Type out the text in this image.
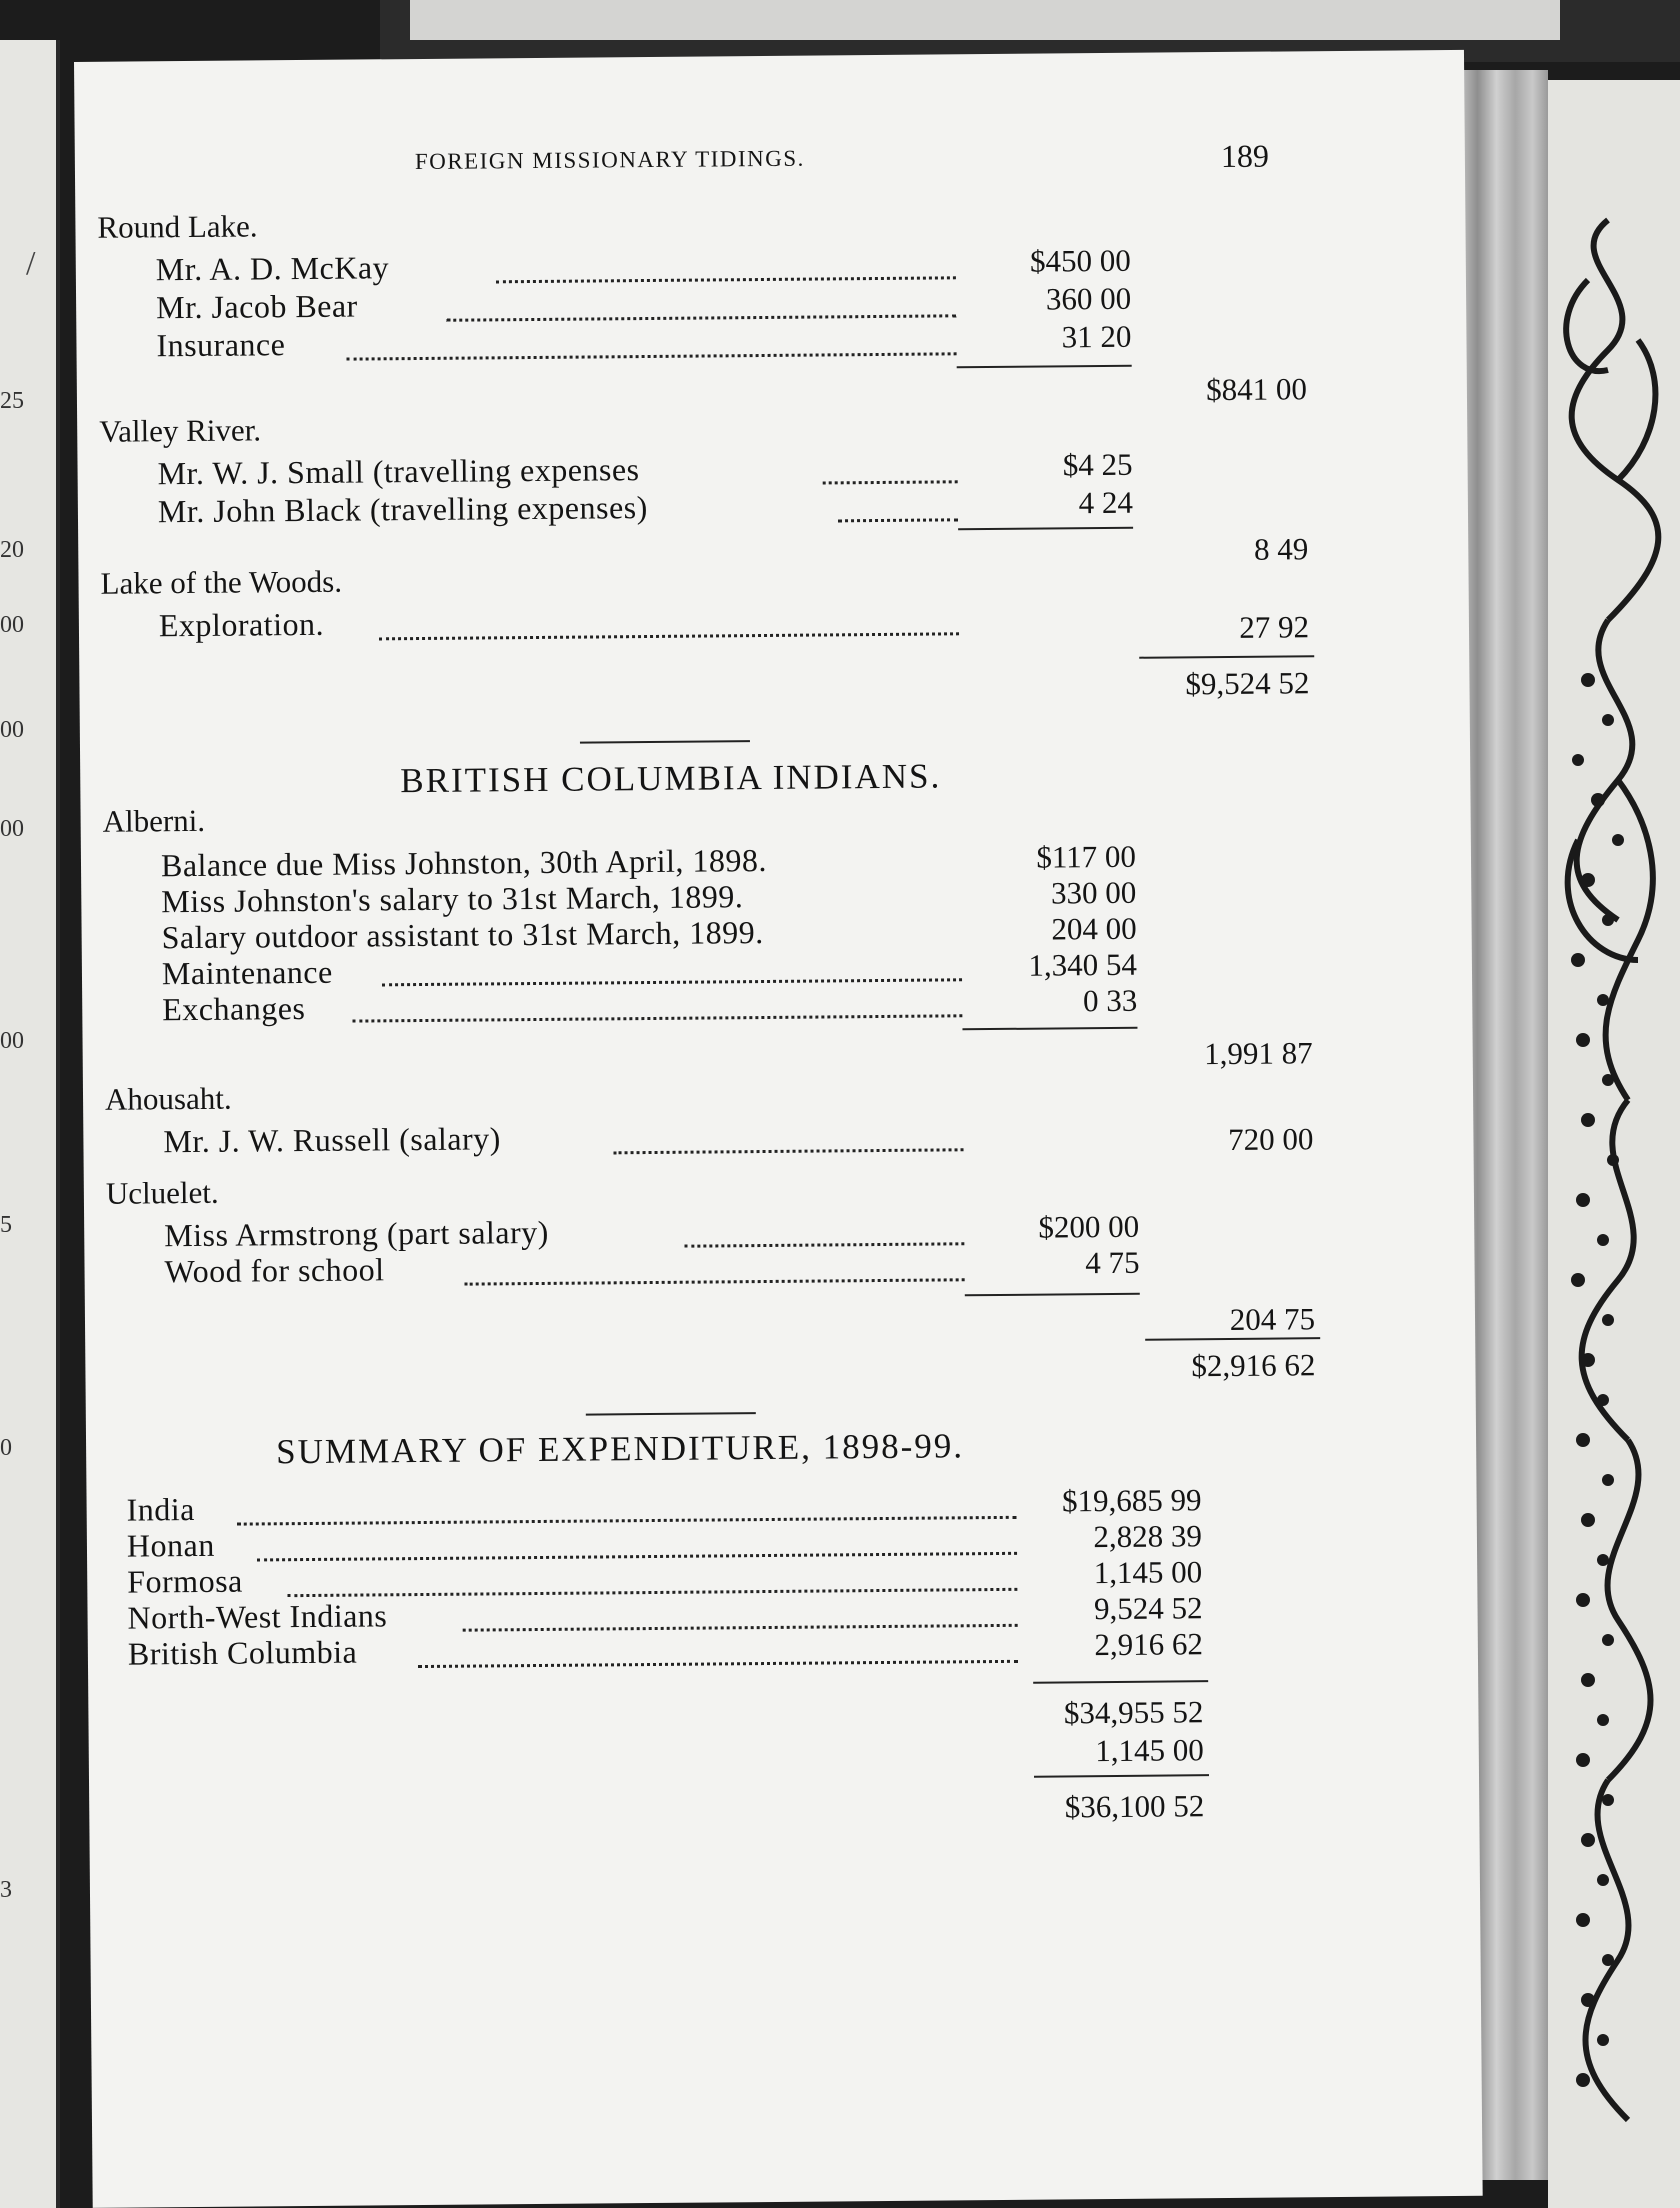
/
25
20
00
00
00
00
5
0
3
FOREIGN MISSIONARY TIDINGS.	189
Round Lake.
Mr. A. D. McKay	$450 00
Mr. Jacob Bear	360 00
Insurance	31 20
$841 00
Valley River.
Mr. W. J. Small (travelling expenses	$4 25
Mr. John Black (travelling expenses)	4 24
8 49
Lake of the Woods.
Exploration.	27 92
$9,524 52
BRITISH COLUMBIA INDIANS.
Alberni.
Balance due Miss Johnston, 30th April, 1898.	$117 00
Miss Johnston's salary to 31st March, 1899.	330 00
Salary outdoor assistant to 31st March, 1899.	204 00
Maintenance	1,340 54
Exchanges	0 33
1,991 87
Ahousaht.
Mr. J. W. Russell (salary)	720 00
Ucluelet.
Miss Armstrong (part salary)	$200 00
Wood for school	4 75
204 75
$2,916 62
SUMMARY OF EXPENDITURE, 1898-99.
India	$19,685 99
Honan	2,828 39
Formosa	1,145 00
North-West Indians	9,524 52
British Columbia	2,916 62
$34,955 52
1,145 00
$36,100 52
